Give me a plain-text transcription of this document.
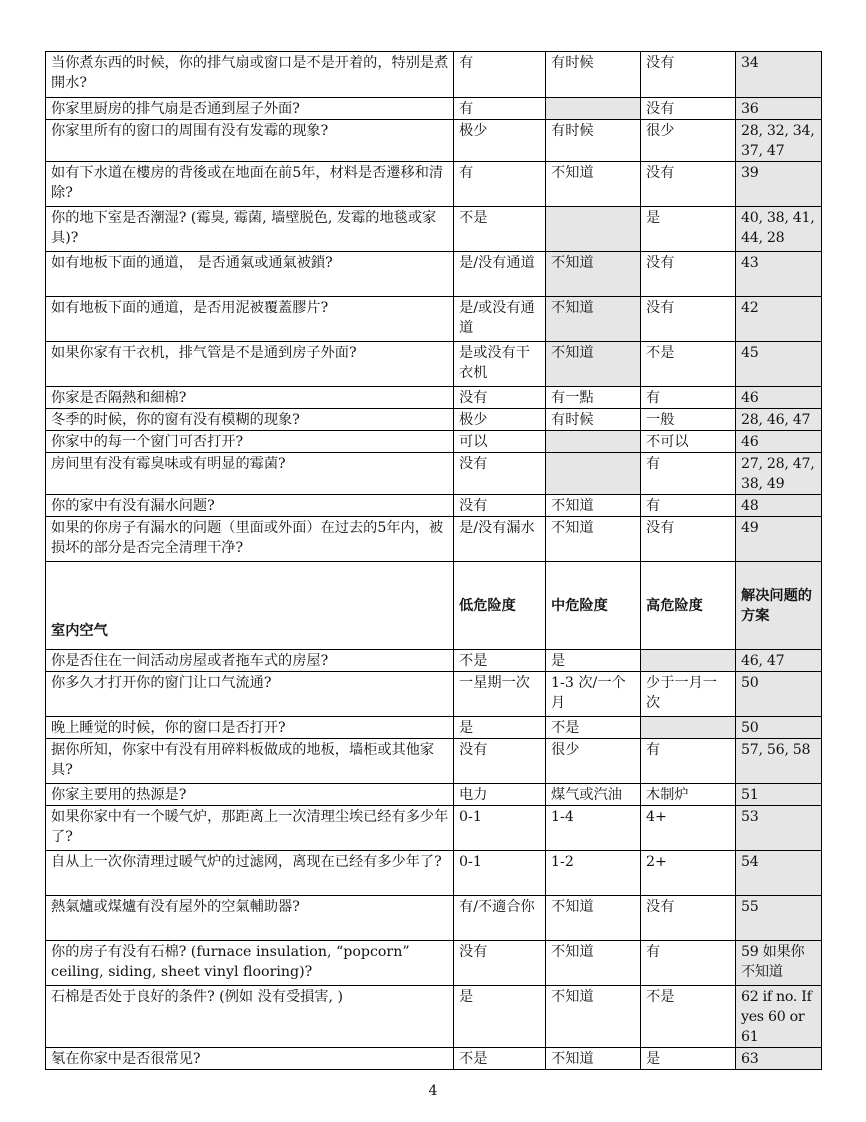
当你煮东西的时候，你的排气扇或窗口是不是开着的，特别是煮開水?	有	有时候	没有	34
你家里厨房的排气扇是否通到屋子外面?	有		没有	36
你家里所有的窗口的周围有没有发霉的现象?	极少	有时候	很少	28, 32, 34, 37, 47
如有下水道在樓房的背後或在地面在前5年，材料是否遷移和清除?	有	不知道	没有	39
你的地下室是否潮湿? (霉臭, 霉菌, 墙壁脱色, 发霉的地毯或家具)?	不是		是	40, 38, 41, 44, 28
如有地板下面的通道， 是否通氣或通氣被鎖?	是/没有通道	不知道	没有	43
如有地板下面的通道，是否用泥被覆蓋膠片?	是/或没有通道	不知道	没有	42
如果你家有干衣机，排气管是不是通到房子外面?	是或没有干衣机	不知道	不是	45
你家是否隔熱和細棉?	没有	有一點	有	46
冬季的时候，你的窗有没有模糊的现象?	极少	有时候	一般	28, 46, 47
你家中的每一个窗门可否打开?	可以		不可以	46
房间里有没有霉臭味或有明显的霉菌?	没有		有	27, 28, 47, 38, 49
你的家中有没有漏水问题?	没有	不知道	有	48
如果的你房子有漏水的问题（里面或外面）在过去的5年内，被损坏的部分是否完全清理干净?	是/没有漏水	不知道	没有	49
室内空气	低危险度	中危险度	高危险度	解决问题的方案
你是否住在一间活动房屋或者拖车式的房屋?	不是	是		46, 47
你多久才打开你的窗门让口气流通?	一星期一次	1-3 次/一个月	少于一月一次	50
晚上睡觉的时候，你的窗口是否打开?	是	不是		50
据你所知，你家中有没有用碎料板做成的地板，墙柜或其他家具?	没有	很少	有	57, 56, 58
你家主要用的热源是?	电力	煤气或汽油	木制炉	51
如果你家中有一个暖气炉，那距离上一次清理尘埃已经有多少年了?	0-1	1-4	4+	53
自从上一次你清理过暖气炉的过滤网，离现在已经有多少年了?	0-1	1-2	2+	54
熱氣爐或煤爐有没有屋外的空氣輔助器?	有/不適合你	不知道	没有	55
你的房子有没有石棉? (furnace insulation, “popcorn” ceiling, siding, sheet vinyl flooring)?	没有	不知道	有	59 如果你不知道
石棉是否处于良好的条件? (例如 没有受損害, )	是	不知道	不是	62 if no. If yes 60 or 61
氡在你家中是否很常见?	不是	不知道	是	63
4
